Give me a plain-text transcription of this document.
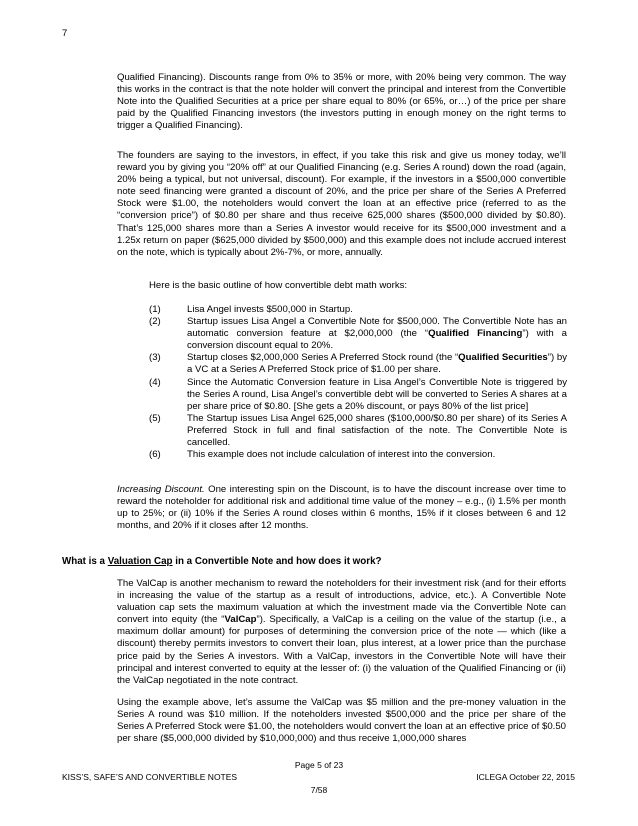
7

Qualified Financing). Discounts range from 0% to 35% or more, with 20% being very common. The way this works in the contract is that the note holder will convert the principal and interest from the Convertible Note into the Qualified Securities at a price per share equal to 80% (or 65%, or…) of the price per share paid by the Qualified Financing investors (the investors putting in enough money on the right terms to trigger a Qualified Financing).

The founders are saying to the investors, in effect, if you take this risk and give us money today, we’ll reward you by giving you “20% off” at our Qualified Financing (e.g. Series A round) down the road (again, 20% being a typical, but not universal, discount). For example, if the investors in a $500,000 convertible note seed financing were granted a discount of 20%, and the price per share of the Series A Preferred Stock were $1.00, the noteholders would convert the loan at an effective price (referred to as the “conversion price”) of $0.80 per share and thus receive 625,000 shares ($500,000 divided by $0.80). That’s 125,000 shares more than a Series A investor would receive for its $500,000 investment and a 1.25x return on paper ($625,000 divided by $500,000) and this example does not include accrued interest on the note, which is typically about 2%-7%, or more, annually.

Here is the basic outline of how convertible debt math works:

(1)	Lisa Angel invests $500,000 in Startup.
(2)	Startup issues Lisa Angel a Convertible Note for $500,000. The Convertible Note has an automatic conversion feature at $2,000,000 (the “Qualified Financing”) with a conversion discount equal to 20%.
(3)	Startup closes $2,000,000 Series A Preferred Stock round (the “Qualified Securities”) by a VC at a Series A Preferred Stock price of $1.00 per share.
(4)	Since the Automatic Conversion feature in Lisa Angel’s Convertible Note is triggered by the Series A round, Lisa Angel’s convertible debt will be converted to Series A shares at a per share price of $0.80. [She gets a 20% discount, or pays 80% of the list price]
(5)	The Startup issues Lisa Angel 625,000 shares ($100,000/$0.80 per share) of its Series A Preferred Stock in full and final satisfaction of the note. The Convertible Note is cancelled.
(6)	This example does not include calculation of interest into the conversion.

Increasing Discount. One interesting spin on the Discount, is to have the discount increase over time to reward the noteholder for additional risk and additional time value of the money – e.g., (i) 1.5% per month up to 25%; or (ii) 10% if the Series A round closes within 6 months, 15% if it closes between 6 and 12 months, and 20% if it closes after 12 months.

What is a Valuation Cap in a Convertible Note and how does it work?

The ValCap is another mechanism to reward the noteholders for their investment risk (and for their efforts in increasing the value of the startup as a result of introductions, advice, etc.). A Convertible Note valuation cap sets the maximum valuation at which the investment made via the Convertible Note can convert into equity (the “ValCap”). Specifically, a ValCap is a ceiling on the value of the startup (i.e., a maximum dollar amount) for purposes of determining the conversion price of the note — which (like a discount) thereby permits investors to convert their loan, plus interest, at a lower price than the purchase price paid by the Series A investors. With a ValCap, investors in the Convertible Note will have their principal and interest converted to equity at the lesser of: (i) the valuation of the Qualified Financing or (ii) the ValCap negotiated in the note contract.

Using the example above, let’s assume the ValCap was $5 million and the pre-money valuation in the Series A round was $10 million. If the noteholders invested $500,000 and the price per share of the Series A Preferred Stock were $1.00, the noteholders would convert the loan at an effective price of $0.50 per share ($5,000,000 divided by $10,000,000) and thus receive 1,000,000 shares

Page 5 of 23
KISS’S, SAFE’S AND CONVERTIBLE NOTES	ICLEGA October 22, 2015
7/58
